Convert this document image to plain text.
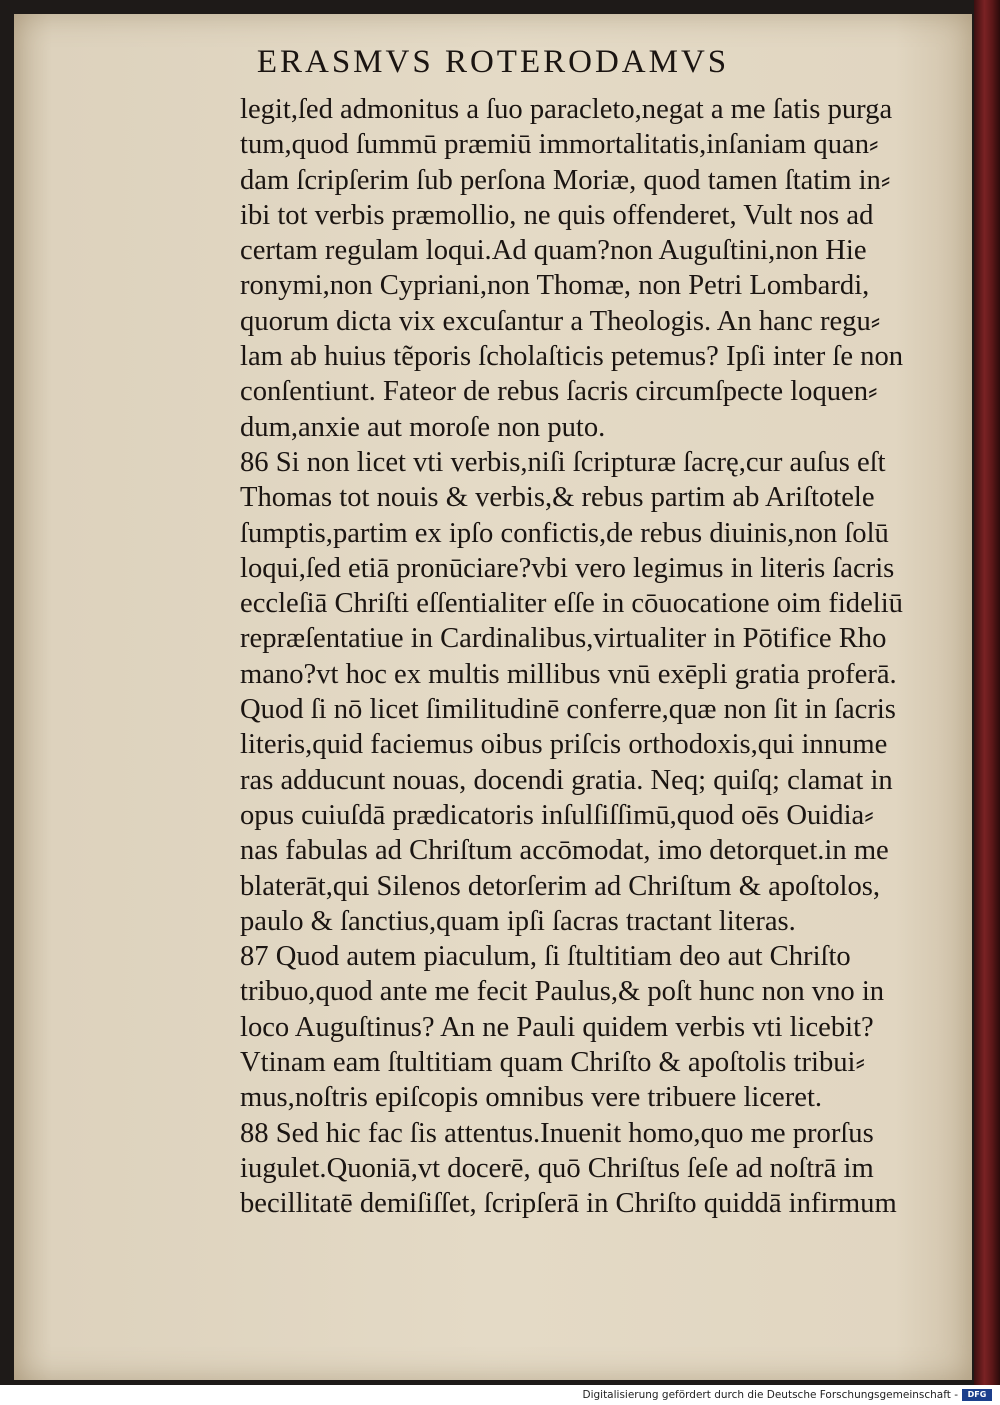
ERASMVS ROTERODAMVS
legit,ſed admonitus a ſuo paracleto,negat a me ſatis purga
tum,quod ſummū præmiū immortalitatis,inſaniam quan⸗
dam ſcripſerim ſub perſona Moriæ, quod tamen ſtatim in⸗
ibi tot verbis præmollio, ne quis offenderet, Vult nos ad
certam regulam loqui.Ad quam?non Auguſtini,non Hie
ronymi,non Cypriani,non Thomæ, non Petri Lombardi,
quorum dicta vix excuſantur a Theologis. An hanc regu⸗
lam ab huius tẽporis ſcholaſticis petemus? Ipſi inter ſe non
conſentiunt. Fateor de rebus ſacris circumſpecte loquen⸗
dum,anxie aut moroſe non puto.
86 Si non licet vti verbis,niſi ſcripturæ ſacrę,cur auſus eſt
Thomas tot nouis & verbis,& rebus partim ab Ariſtotele
ſumptis,partim ex ipſo confictis,de rebus diuinis,non ſolū
loqui,ſed etiā pronūciare?vbi vero legimus in literis ſacris
eccleſiā Chriſti eſſentialiter eſſe in cōuocatione oim fideliū
repræſentatiue in Cardinalibus,virtualiter in Pōtifice Rho
mano?vt hoc ex multis millibus vnū exēpli gratia proferā.
Quod ſi nō licet ſimilitudinē conferre,quæ non ſit in ſacris
literis,quid faciemus oibus priſcis orthodoxis,qui innume
ras adducunt nouas, docendi gratia. Neq; quiſq; clamat in
opus cuiuſdā prædicatoris inſulſiſſimū,quod oēs Ouidia⸗
nas fabulas ad Chriſtum accōmodat, imo detorquet.in me
blaterāt,qui Silenos detorſerim ad Chriſtum & apoſtolos,
paulo & ſanctius,quam ipſi ſacras tractant literas.
87 Quod autem piaculum, ſi ſtultitiam deo aut Chriſto
tribuo,quod ante me fecit Paulus,& poſt hunc non vno in
loco Auguſtinus? An ne Pauli quidem verbis vti licebit?
Vtinam eam ſtultitiam quam Chriſto & apoſtolis tribui⸗
mus,noſtris epiſcopis omnibus vere tribuere liceret.
88 Sed hic fac ſis attentus.Inuenit homo,quo me prorſus
iugulet.Quoniā,vt docerē, quō Chriſtus ſeſe ad noſtrā im
becillitatē demiſiſſet, ſcripſerā in Chriſto quiddā infirmum
Digitalisierung gefördert durch die Deutsche Forschungsgemeinschaft -	DFG
